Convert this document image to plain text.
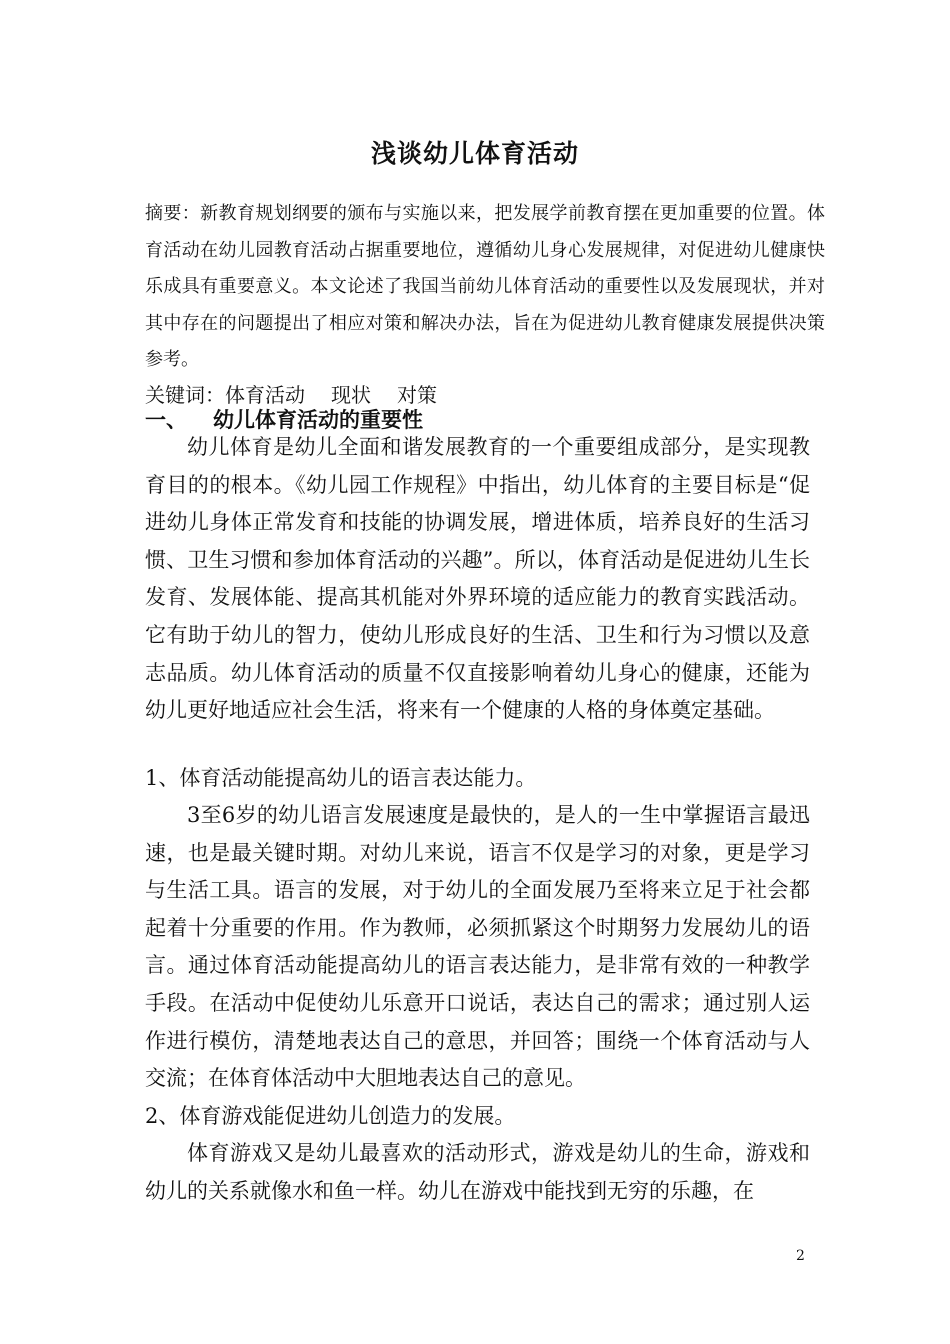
浅谈幼儿体育活动
摘要：新教育规划纲要的颁布与实施以来，把发展学前教育摆在更加重要的位置。体育活动在幼儿园教育活动占据重要地位，遵循幼儿身心发展规律，对促进幼儿健康快乐成具有重要意义。本文论述了我国当前幼儿体育活动的重要性以及发展现状，并对其中存在的问题提出了相应对策和解决办法，旨在为促进幼儿教育健康发展提供决策参考。
关键词：体育活动 现状 对策
一、 幼儿体育活动的重要性
幼儿体育是幼儿全面和谐发展教育的一个重要组成部分，是实现教育目的的根本。《幼儿园工作规程》中指出，幼儿体育的主要目标是“促进幼儿身体正常发育和技能的协调发展，增进体质，培养良好的生活习惯、卫生习惯和参加体育活动的兴趣”。所以，体育活动是促进幼儿生长发育、发展体能、提高其机能对外界环境的适应能力的教育实践活动。它有助于幼儿的智力，使幼儿形成良好的生活、卫生和行为习惯以及意志品质。幼儿体育活动的质量不仅直接影响着幼儿身心的健康，还能为幼儿更好地适应社会生活，将来有一个健康的人格的身体奠定基础。
1、体育活动能提高幼儿的语言表达能力。
3至6岁的幼儿语言发展速度是最快的，是人的一生中掌握语言最迅速，也是最关键时期。对幼儿来说，语言不仅是学习的对象，更是学习与生活工具。语言的发展，对于幼儿的全面发展乃至将来立足于社会都起着十分重要的作用。作为教师，必须抓紧这个时期努力发展幼儿的语言。通过体育活动能提高幼儿的语言表达能力，是非常有效的一种教学手段。在活动中促使幼儿乐意开口说话，表达自己的需求；通过别人运作进行模仿，清楚地表达自己的意思，并回答；围绕一个体育活动与人交流；在体育体活动中大胆地表达自己的意见。
2、体育游戏能促进幼儿创造力的发展。
体育游戏又是幼儿最喜欢的活动形式，游戏是幼儿的生命，游戏和幼儿的关系就像水和鱼一样。幼儿在游戏中能找到无穷的乐趣，在
2
